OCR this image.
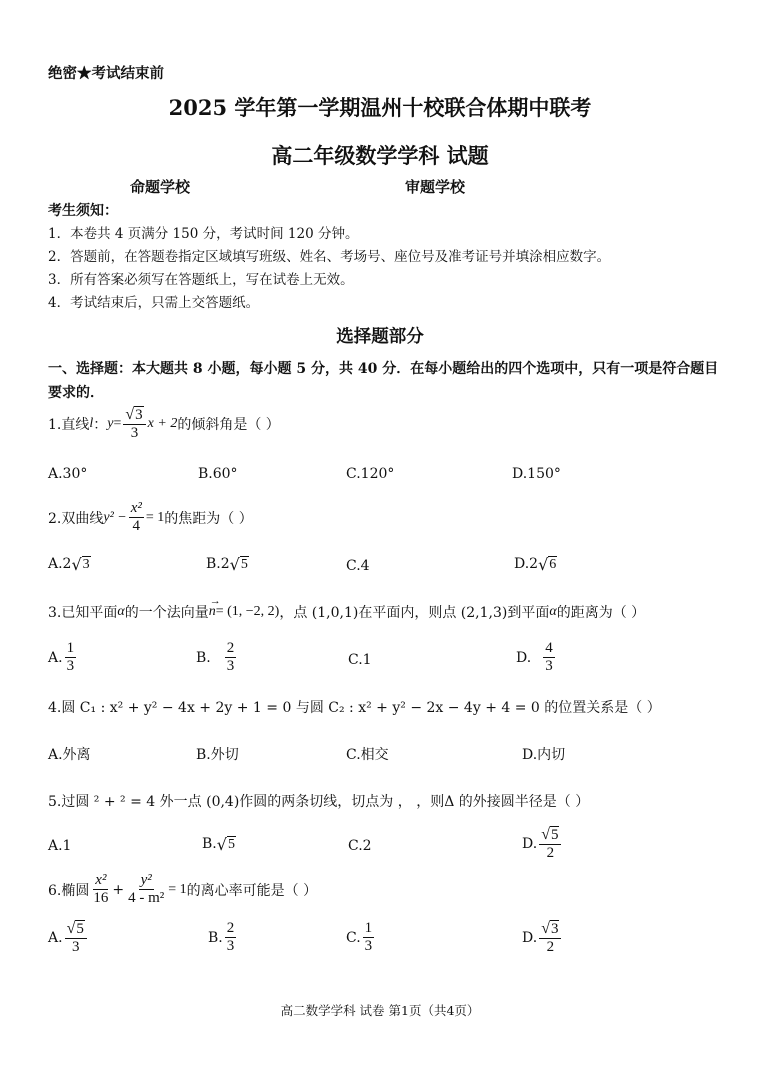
绝密★考试结束前
2025 学年第一学期温州十校联合体期中联考
高二年级数学学科 试题
命题学校	审题学校
考生须知：
1．本卷共 4 页满分 150 分，考试时间 120 分钟。
2．答题前，在答题卷指定区域填写班级、姓名、考场号、座位号及准考证号并填涂相应数字。
3．所有答案必须写在答题纸上，写在试卷上无效。
4．考试结束后，只需上交答题纸。
选择题部分
一、选择题：本大题共 8 小题，每小题 5 分，共 40 分．在每小题给出的四个选项中，只有一项是符合题目要求的．
1.直线 l ： $y = \frac{√ 3}{3}$ x + 2 的倾斜角是（ ）
A.30°	B.60°	C.120°	D.150°
2.双曲线 $y^2 - \frac{\text{x²}}{4} = 1$ 的焦距为（ ）
A.2 √ 3	B.2 √ 5	C.4	D.2 √ 6
3.已知平面 α 的一个法向量
→
n = (1, −2, 2) ，点 (1,0,1)在平面内，则点 (2,1,3)到平面 α 的距离为（ ）
A. $\frac{1}{3}$	B. $\frac{2}{3}$	C.1	D. $\frac{4}{3}$
4.圆 C₁ : x² + y² − 4x + 2y + 1 = 0 与圆 C₂ : x² + y² − 2x − 4y + 4 = 0 的位置关系是（ ）
A.外离	B.外切	C.相交	D.内切
5.过圆 ² + ² = 4 外一点 (0,4)作圆的两条切线，切点为 ， ，则Δ 的外接圆半径是（ ）
A.1	B. √ 5	C.2	D. $\frac{√ 5}{2}$
6.椭圆 $\frac{\text{x²}}{16} + \frac{\text{y²}}{\text{4 - m²}} = 1$ 的离心率可能是（ ）
A. $\frac{√ 5}{3}$	B. $\frac{2}{3}$	C. $\frac{1}{3}$	D. $\frac{√ 3}{2}$
高二数学学科 试卷 第1页（共4页）
